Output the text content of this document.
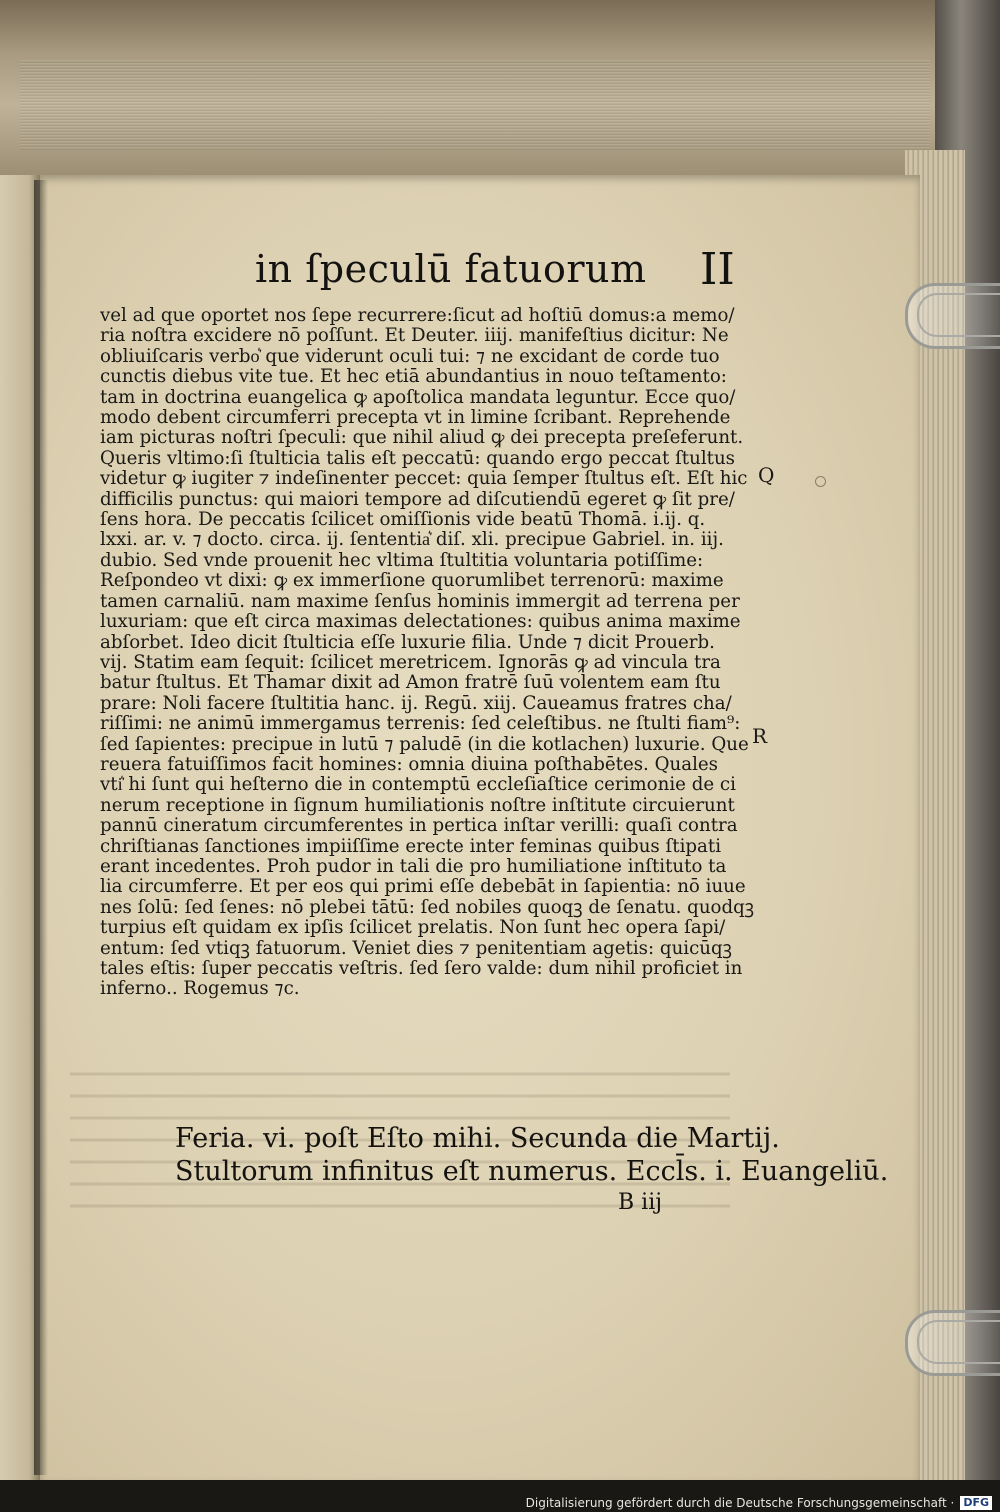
in ſpeculū fatuorum II
vel ad que oportet nos ſepe recurrere:ſicut ad hoſtiū domus:a memo/
ria noſtra excidere nō poſſunt. Et Deuter. iiij. manifeſtius dicitur: Ne
obliuiſcaris verbo͛ que viderunt oculi tui: ⁊ ne excidant de corde tuo
cunctis diebus vite tue. Et hec etiā abundantius in nouo teſtamento:
tam in doctrina euangelica ꝙ apoſtolica mandata leguntur. Ecce quo/
modo debent circumferri precepta vt in limine ſcribant. Reprehende
iam picturas noſtri ſpeculi: que nihil aliud ꝙ dei precepta preſeferunt.
Queris vltimo:ſi ſtulticia talis eſt peccatū: quando ergo peccat ſtultus
videtur ꝙ iugiter ⁊ indeſinenter peccet: quia ſemper ſtultus eſt. Eſt hic
difficilis punctus: qui maiori tempore ad diſcutiendū egeret ꝙ ſit pre/
ſens hora. De peccatis ſcilicet omiſſionis vide beatū Thomā. i.ij. q.
lxxi. ar. v. ⁊ docto. circa. ij. ſententia͛ diſ. xli. precipue Gabriel. in. iij.
dubio. Sed vnde prouenit hec vltima ſtultitia voluntaria potiſſime:
Reſpondeo vt dixi: ꝙ ex immerſione quorumlibet terrenorū: maxime
tamen carnaliū. nam maxime ſenſus hominis immergit ad terrena per
luxuriam: que eſt circa maximas delectationes: quibus anima maxime
abſorbet. Ideo dicit ſtulticia eſſe luxurie filia. Unde ⁊ dicit Prouerb.
vij. Statim eam ſequit: ſcilicet meretricem. Ignorās ꝙ ad vincula tra
batur ſtultus. Et Thamar dixit ad Amon fratrē ſuū volentem eam ſtu
prare: Noli facere ſtultitia hanc. ij. Regū. xiij. Caueamus fratres cha/
riſſimi: ne animū immergamus terrenis: ſed celeſtibus. ne ſtulti fiam⁹:
ſed ſapientes: precipue in lutū ⁊ paludē (in die kotlachen) luxurie. Que
reuera fatuiſſimos facit homines: omnia diuina poſthabētes. Quales
vti͛ hi ſunt qui heſterno die in contemptū eccleſiaſtice cerimonie de ci
nerum receptione in ſignum humiliationis noſtre inſtitute circuierunt
pannū cineratum circumferentes in pertica inſtar verilli: quaſi contra
chriſtianas ſanctiones impiiſſime erecte inter feminas quibus ſtipati
erant incedentes. Proh pudor in tali die pro humiliatione inſtituto ta
lia circumferre. Et per eos qui primi eſſe debebāt in ſapientia: nō iuue
nes ſolū: ſed ſenes: nō plebei tātū: ſed nobiles quoqꝫ de ſenatu. quodqꝫ
turpius eſt quidam ex ipſis ſcilicet prelatis. Non ſunt hec opera ſapi/
entum: ſed vtiqꝫ fatuorum. Veniet dies ⁊ penitentiam agetis: quicūqꝫ
tales eſtis: ſuper peccatis veſtris. ſed ſero valde: dum nihil proficiet in
inferno.. Rogemus ⁊c.
Q
R
Feria. vi. poſt Eſto mihi. Secunda die Martij.
Stultorum infinitus eſt numerus. Eccl̄s. i. Euangeliū.
B iij
Digitalisierung gefördert durch die Deutsche Forschungsgemeinschaft · DFG
